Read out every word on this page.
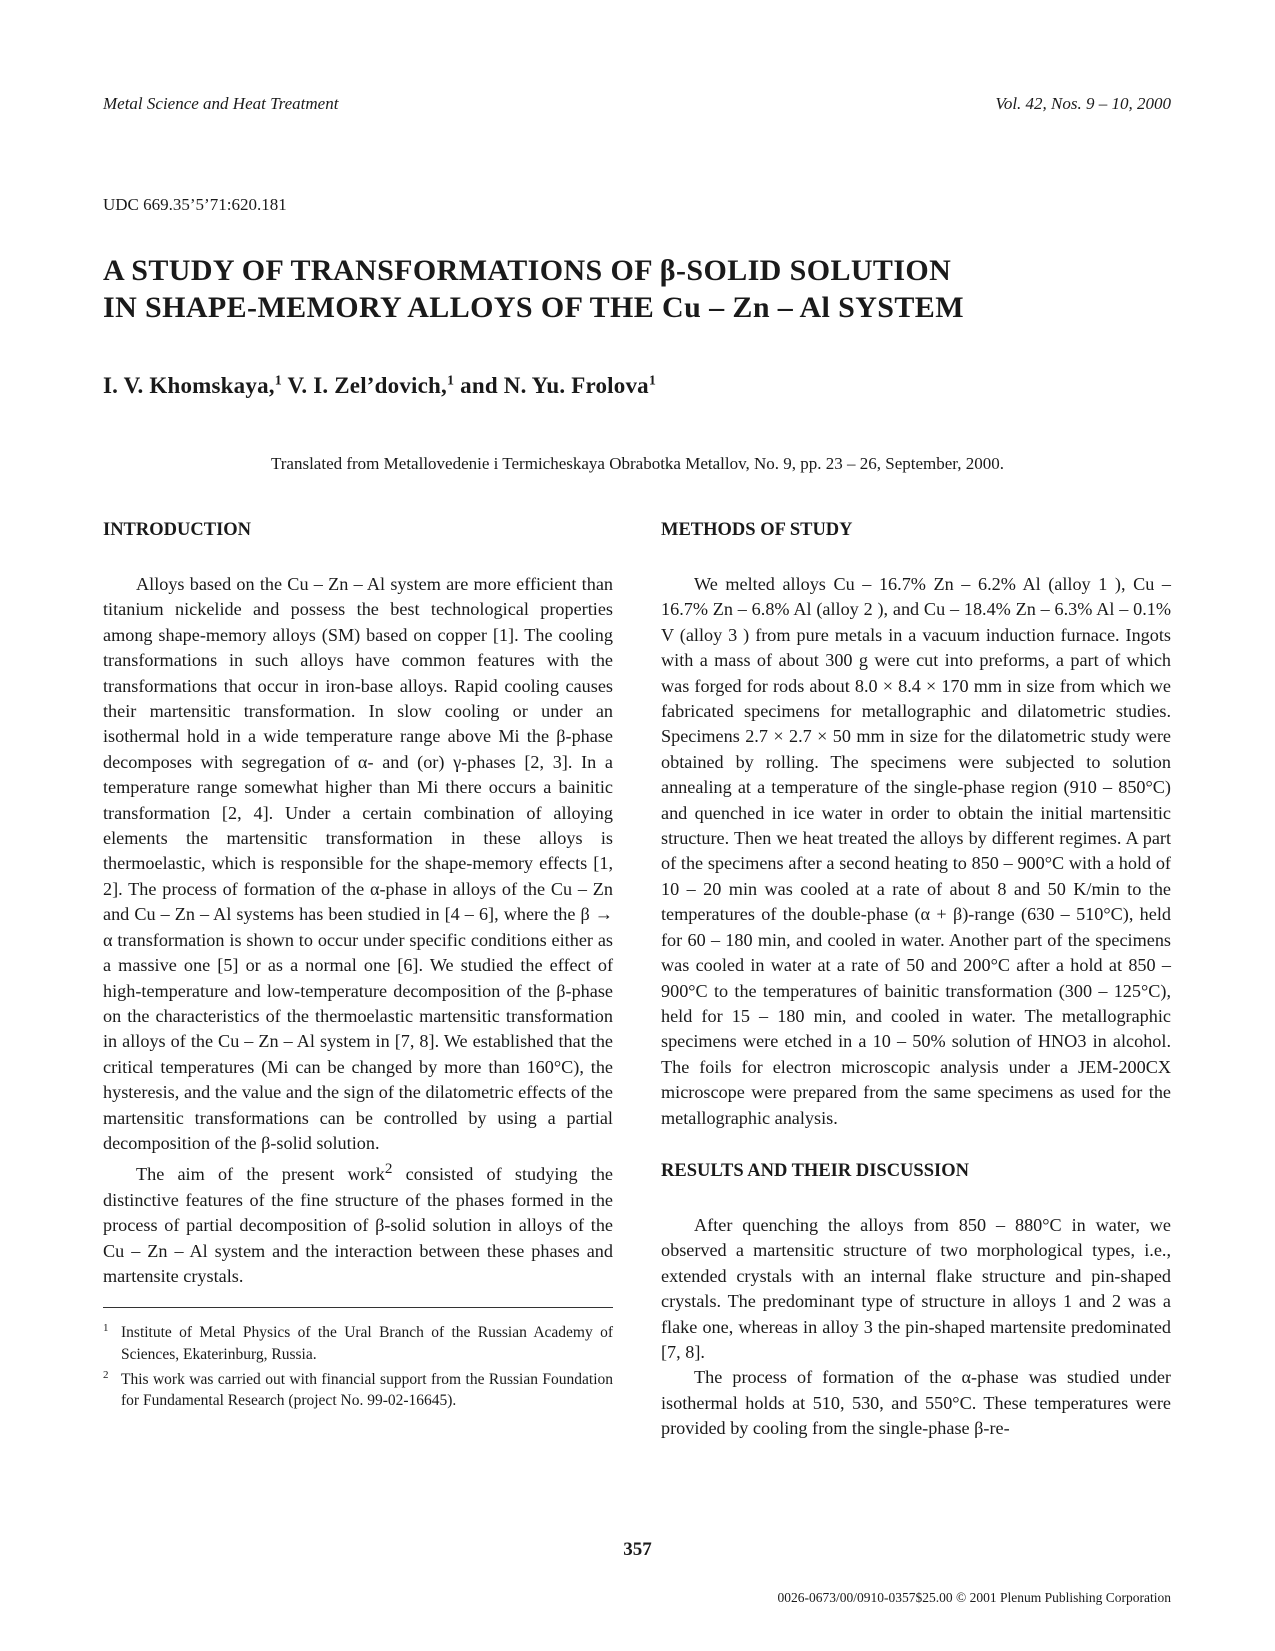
Metal Science and Heat Treatment	Vol. 42, Nos. 9 – 10, 2000
UDC 669.35’5’71:620.181
A STUDY OF TRANSFORMATIONS OF β-SOLID SOLUTION
IN SHAPE-MEMORY ALLOYS OF THE Cu – Zn – Al SYSTEM
I. V. Khomskaya,$^1$ V. I. Zel’dovich,$^1$ and N. Yu. Frolova$^1$
Translated from Metallovedenie i Termicheskaya Obrabotka Metallov, No. 9, pp. 23 – 26, September, 2000.
INTRODUCTION

Alloys based on the Cu – Zn – Al system are more efficient than titanium nickelide and possess the best technological properties among shape-memory alloys (SM) based on copper [1]. The cooling transformations in such alloys have common features with the transformations that occur in iron-base alloys. Rapid cooling causes their martensitic transformation. In slow cooling or under an isothermal hold in a wide temperature range above Mi the β-phase decomposes with segregation of α- and (or) γ-phases [2, 3]. In a temperature range somewhat higher than Mi there occurs a bainitic transformation [2, 4]. Under a certain combination of alloying elements the martensitic transformation in these alloys is thermoelastic, which is responsible for the shape-memory effects [1, 2]. The process of formation of the α-phase in alloys of the Cu – Zn and Cu – Zn – Al systems has been studied in [4 – 6], where the β → α transformation is shown to occur under specific conditions either as a massive one [5] or as a normal one [6]. We studied the effect of high-temperature and low-temperature decomposition of the β-phase on the characteristics of the thermoelastic martensitic transformation in alloys of the Cu – Zn – Al system in [7, 8]. We established that the critical temperatures (Mi can be changed by more than 160°C), the hysteresis, and the value and the sign of the dilatometric effects of the martensitic transformations can be controlled by using a partial decomposition of the β-solid solution.

The aim of the present work$^2$ consisted of studying the distinctive features of the fine structure of the phases formed in the process of partial decomposition of β-solid solution in alloys of the Cu – Zn – Al system and the interaction between these phases and martensite crystals.

$^1$ Institute of Metal Physics of the Ural Branch of the Russian Academy of Sciences, Ekaterinburg, Russia.
$^2$ This work was carried out with financial support from the Russian Foundation for Fundamental Research (project No. 99-02-16645).
METHODS OF STUDY

We melted alloys Cu – 16.7% Zn – 6.2% Al (alloy 1 ), Cu – 16.7% Zn – 6.8% Al (alloy 2 ), and Cu – 18.4% Zn – 6.3% Al – 0.1% V (alloy 3 ) from pure metals in a vacuum induction furnace. Ingots with a mass of about 300 g were cut into preforms, a part of which was forged for rods about 8.0 × 8.4 × 170 mm in size from which we fabricated specimens for metallographic and dilatometric studies. Specimens 2.7 × 2.7 × 50 mm in size for the dilatometric study were obtained by rolling. The specimens were subjected to solution annealing at a temperature of the single-phase region (910 – 850°C) and quenched in ice water in order to obtain the initial martensitic structure. Then we heat treated the alloys by different regimes. A part of the specimens after a second heating to 850 – 900°C with a hold of 10 – 20 min was cooled at a rate of about 8 and 50 K/min to the temperatures of the double-phase (α + β)-range (630 – 510°C), held for 60 – 180 min, and cooled in water. Another part of the specimens was cooled in water at a rate of 50 and 200°C after a hold at 850 – 900°C to the temperatures of bainitic transformation (300 – 125°C), held for 15 – 180 min, and cooled in water. The metallographic specimens were etched in a 10 – 50% solution of HNO3 in alcohol. The foils for electron microscopic analysis under a JEM-200CX microscope were prepared from the same specimens as used for the metallographic analysis.

RESULTS AND THEIR DISCUSSION

After quenching the alloys from 850 – 880°C in water, we observed a martensitic structure of two morphological types, i.e., extended crystals with an internal flake structure and pin-shaped crystals. The predominant type of structure in alloys 1 and 2 was a flake one, whereas in alloy 3 the pin-shaped martensite predominated [7, 8].

The process of formation of the α-phase was studied under isothermal holds at 510, 530, and 550°C. These temperatures were provided by cooling from the single-phase β-re-

357
0026-0673/00/0910-0357$25.00 © 2001 Plenum Publishing Corporation
